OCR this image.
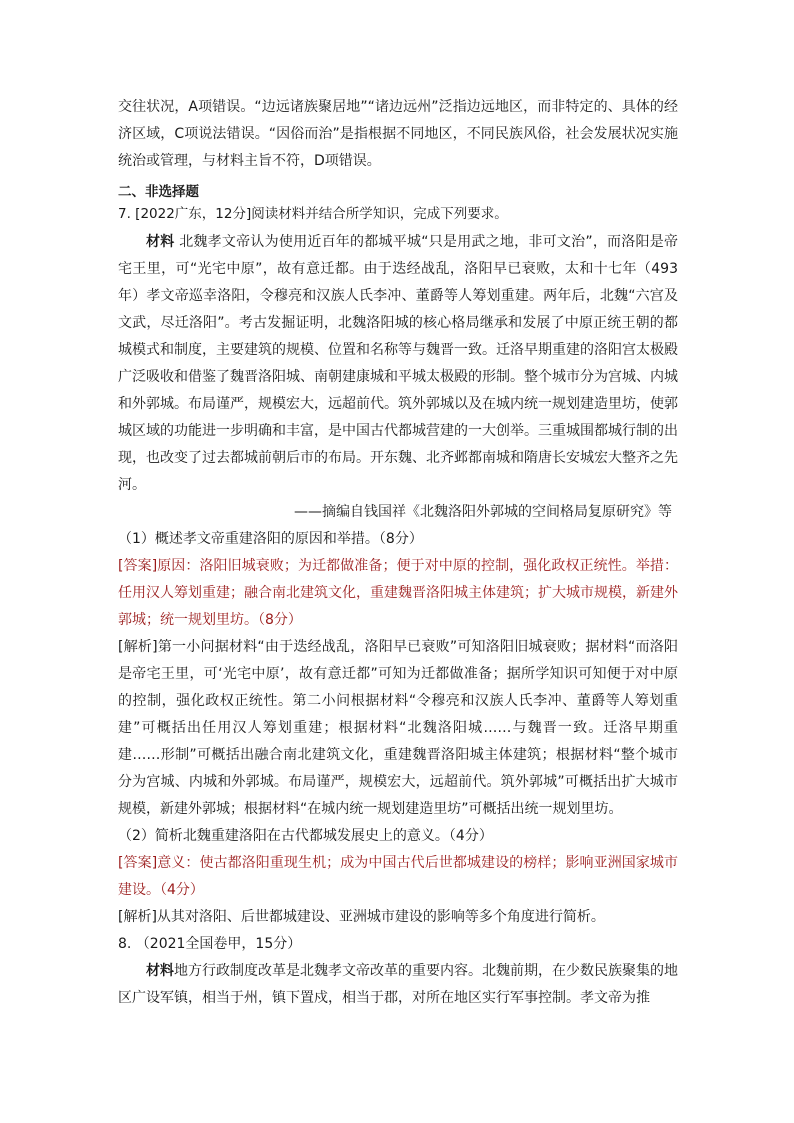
交往状况，A项错误。“边远诸族聚居地”“诸边远州”泛指边远地区，而非特定的、具体的经济区域，C项说法错误。“因俗而治”是指根据不同地区，不同民族风俗，社会发展状况实施统治或管理，与材料主旨不符，D项错误。

二、非选择题

7. [2022广东，12分]阅读材料并结合所学知识，完成下列要求。

材料 北魏孝文帝认为使用近百年的都城平城“只是用武之地，非可文治”，而洛阳是帝宅王里，可“光宅中原”，故有意迁都。由于迭经战乱，洛阳早已衰败，太和十七年（493年）孝文帝巡幸洛阳，令穆亮和汉族人氏李冲、董爵等人筹划重建。两年后，北魏“六宫及文武，尽迁洛阳”。考古发掘证明，北魏洛阳城的核心格局继承和发展了中原正统王朝的都城模式和制度，主要建筑的规模、位置和名称等与魏晋一致。迁洛早期重建的洛阳宫太极殿广泛吸收和借鉴了魏晋洛阳城、南朝建康城和平城太极殿的形制。整个城市分为宫城、内城和外郭城。布局谨严，规模宏大，远超前代。筑外郭城以及在城内统一规划建造里坊，使郭城区域的功能进一步明确和丰富，是中国古代都城营建的一大创举。三重城围都城行制的出现，也改变了过去都城前朝后市的布局。开东魏、北齐邺都南城和隋唐长安城宏大整齐之先河。

——摘编自钱国祥《北魏洛阳外郭城的空间格局复原研究》等

（1）概述孝文帝重建洛阳的原因和举措。（8分）

[答案]原因：洛阳旧城衰败；为迁都做准备；便于对中原的控制，强化政权正统性。举措：任用汉人筹划重建；融合南北建筑文化，重建魏晋洛阳城主体建筑；扩大城市规模，新建外郭城；统一规划里坊。（8分）

[解析]第一小问据材料“由于迭经战乱，洛阳早已衰败”可知洛阳旧城衰败；据材料“而洛阳是帝宅王里，可‘光宅中原’，故有意迁都”可知为迁都做准备；据所学知识可知便于对中原的控制，强化政权正统性。第二小问根据材料“令穆亮和汉族人氏李冲、董爵等人筹划重建”可概括出任用汉人筹划重建；根据材料“北魏洛阳城……与魏晋一致。迁洛早期重建……形制”可概括出融合南北建筑文化，重建魏晋洛阳城主体建筑；根据材料“整个城市分为宫城、内城和外郭城。布局谨严，规模宏大，远超前代。筑外郭城”可概括出扩大城市规模，新建外郭城；根据材料“在城内统一规划建造里坊”可概括出统一规划里坊。

（2）简析北魏重建洛阳在古代都城发展史上的意义。（4分）

[答案]意义：使古都洛阳重现生机；成为中国古代后世都城建设的榜样；影响亚洲国家城市建设。（4分）

[解析]从其对洛阳、后世都城建设、亚洲城市建设的影响等多个角度进行简析。

8. （2021全国卷甲，15分）

材料地方行政制度改革是北魏孝文帝改革的重要内容。北魏前期，在少数民族聚集的地区广设军镇，相当于州，镇下置戍，相当于郡，对所在地区实行军事控制。孝文帝为推
